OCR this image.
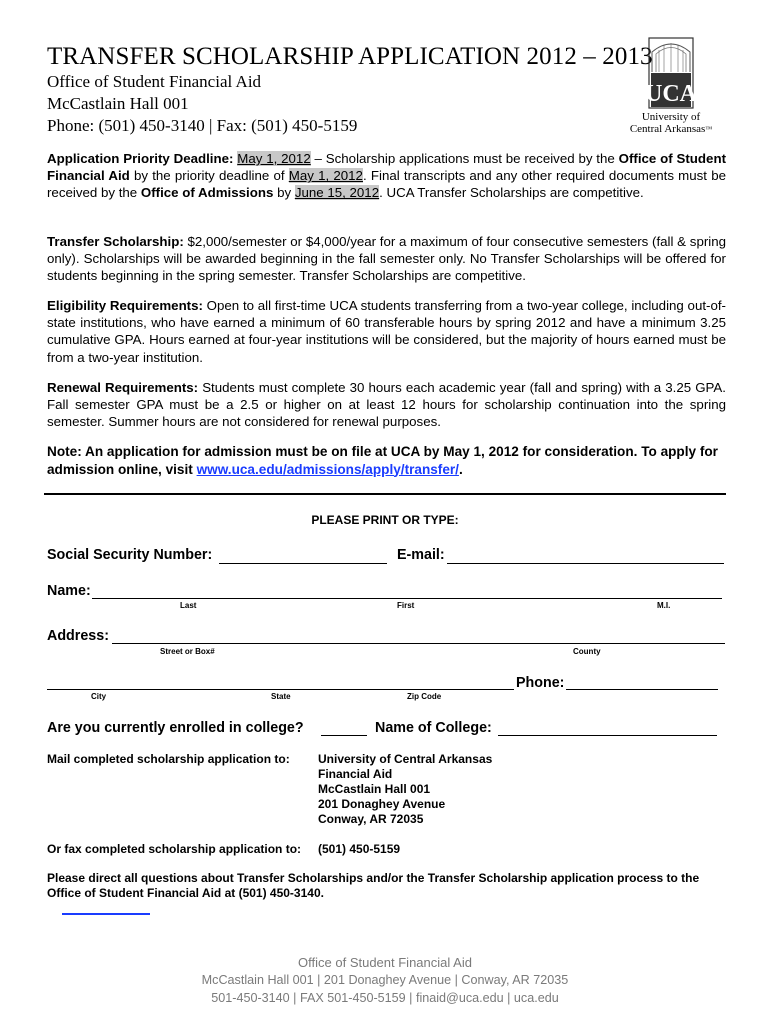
TRANSFER SCHOLARSHIP APPLICATION 2012 – 2013
Office of Student Financial Aid
McCastlain Hall 001
Phone: (501) 450-3140 | Fax: (501) 450-5159
UCA
University of
Central Arkansas™
Application Priority Deadline: May 1, 2012 – Scholarship applications must be received by the Office of Student Financial Aid by the priority deadline of May 1, 2012. Final transcripts and any other required documents must be received by the Office of Admissions by June 15, 2012. UCA Transfer Scholarships are competitive.
Transfer Scholarship: $2,000/semester or $4,000/year for a maximum of four consecutive semesters (fall & spring only). Scholarships will be awarded beginning in the fall semester only. No Transfer Scholarships will be offered for students beginning in the spring semester. Transfer Scholarships are competitive.
Eligibility Requirements: Open to all first-time UCA students transferring from a two-year college, including out-of-state institutions, who have earned a minimum of 60 transferable hours by spring 2012 and have a minimum 3.25 cumulative GPA. Hours earned at four-year institutions will be considered, but the majority of hours earned must be from a two-year institution.
Renewal Requirements: Students must complete 30 hours each academic year (fall and spring) with a 3.25 GPA. Fall semester GPA must be a 2.5 or higher on at least 12 hours for scholarship continuation into the spring semester. Summer hours are not considered for renewal purposes.
Note: An application for admission must be on file at UCA by May 1, 2012 for consideration. To apply for admission online, visit www.uca.edu/admissions/apply/transfer/.
PLEASE PRINT OR TYPE:
Social Security Number:	E-mail:
Name:
Last	First	M.I.
Address:
Street or Box#	County
Phone:
City	State	Zip Code
Are you currently enrolled in college?	Name of College:
Mail completed scholarship application to: University of Central Arkansas
Financial Aid
McCastlain Hall 001
201 Donaghey Avenue
Conway, AR 72035
Or fax completed scholarship application to: (501) 450-5159
Please direct all questions about Transfer Scholarships and/or the Transfer Scholarship application process to the Office of Student Financial Aid at (501) 450-3140.
Office of Student Financial Aid
McCastlain Hall 001 | 201 Donaghey Avenue | Conway, AR 72035
501-450-3140 | FAX 501-450-5159 | finaid@uca.edu | uca.edu
